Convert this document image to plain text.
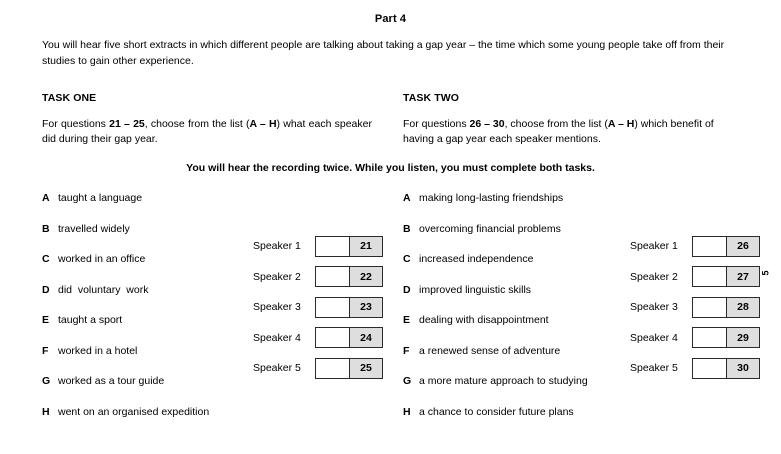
Part 4
You will hear five short extracts in which different people are talking about taking a gap year – the time which some young people take off from their studies to gain other experience.
TASK ONE
For questions 21 – 25, choose from the list (A – H) what each speaker did during their gap year.
TASK TWO
For questions 26 – 30, choose from the list (A – H) which benefit of having a gap year each speaker mentions.
You will hear the recording twice. While you listen, you must complete both tasks.
A taught a language
B travelled widely
C worked in an office
D did  voluntary  work
E taught a sport
F worked in a hotel
G worked as a tour guide
H went on an organised expedition
Speaker 1	21
Speaker 2	22
Speaker 3	23
Speaker 4	24
Speaker 5	25
A making long-lasting friendships
B overcoming financial problems
C increased independence
D improved linguistic skills
E dealing with disappointment
F a renewed sense of adventure
G a more mature approach to studying
H a chance to consider future plans
Speaker 1	26
Speaker 2	27
Speaker 3	28
Speaker 4	29
Speaker 5	30
5
